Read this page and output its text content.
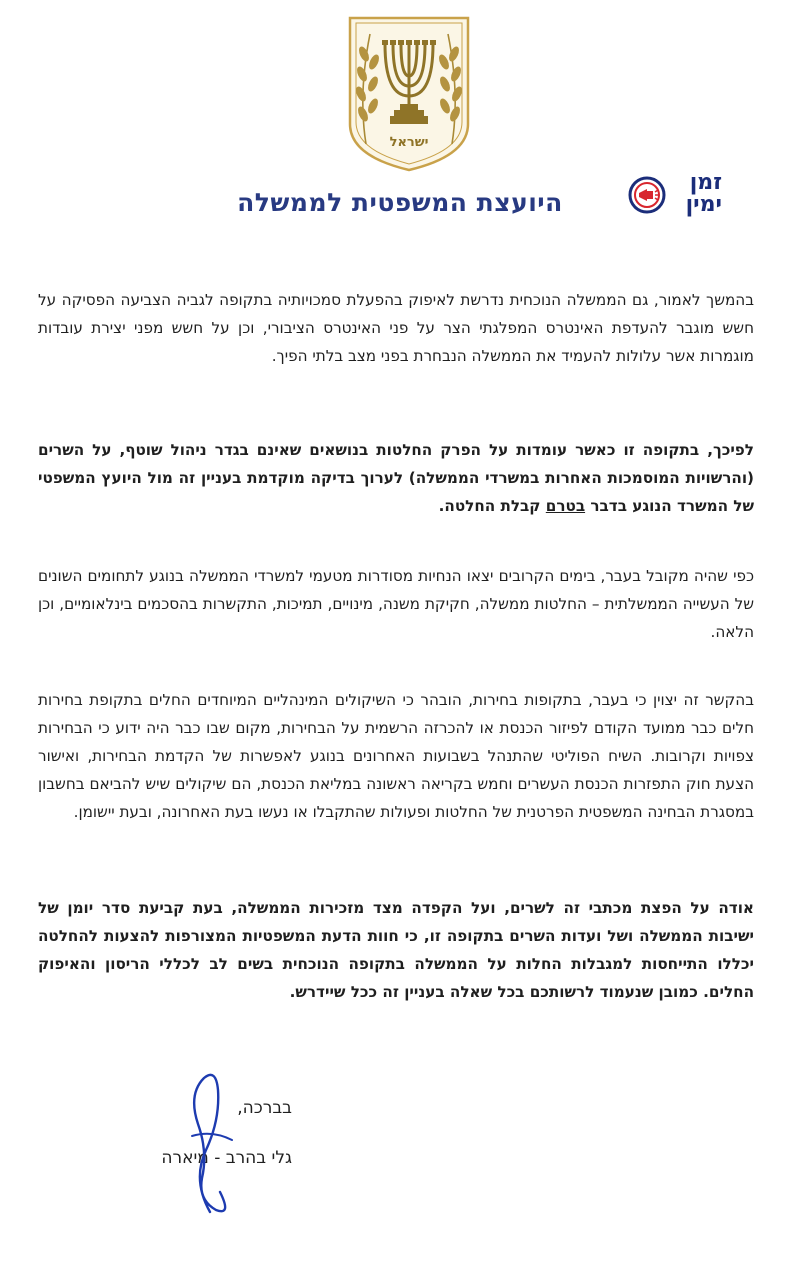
ישראל
זמן
ימין
היועצת המשפטית לממשלה

בהמשך לאמור, גם הממשלה הנוכחית נדרשת לאיפוק בהפעלת סמכויותיה בתקופה לגביה הצביעה הפסיקה על חשש מוגבר להעדפת האינטרס המפלגתי הצר על פני האינטרס הציבורי, וכן על חשש מפני יצירת עובדות מוגמרות אשר עלולות להעמיד את הממשלה הנבחרת בפני מצב בלתי הפיך.

לפיכך, בתקופה זו כאשר עומדות על הפרק החלטות בנושאים שאינם בגדר ניהול שוטף, על השרים (והרשויות המוסמכות האחרות במשרדי הממשלה) לערוך בדיקה מוקדמת בעניין זה מול היועץ המשפטי של המשרד הנוגע בדבר בטרם קבלת החלטה.

כפי שהיה מקובל בעבר, בימים הקרובים יצאו הנחיות מסודרות מטעמי למשרדי הממשלה בנוגע לתחומים השונים של העשייה הממשלתית – החלטות ממשלה, חקיקת משנה, מינויים, תמיכות, התקשרות בהסכמים בינלאומיים, וכן הלאה.

בהקשר זה יצוין כי בעבר, בתקופות בחירות, הובהר כי השיקולים המינהליים המיוחדים החלים בתקופת בחירות חלים כבר ממועד הקודם לפיזור הכנסת או להכרזה הרשמית על הבחירות, מקום שבו כבר היה ידוע כי הבחירות צפויות וקרובות. השיח הפוליטי שהתנהל בשבועות האחרונים בנוגע לאפשרות של הקדמת הבחירות, ואישור הצעת חוק התפזרות הכנסת העשרים וחמש בקריאה ראשונה במליאת הכנסת, הם שיקולים שיש להביאם בחשבון במסגרת הבחינה המשפטית הפרטנית של החלטות ופעולות שהתקבלו או נעשו בעת האחרונה, ובעת יישומן.

אודה על הפצת מכתבי זה לשרים, ועל הקפדה מצד מזכירות הממשלה, בעת קביעת סדר יומן של ישיבות הממשלה ושל ועדות השרים בתקופה זו, כי חוות הדעת המשפטיות המצורפות להצעות להחלטה יכללו התייחסות למגבלות החלות על הממשלה בתקופה הנוכחית בשים לב לכללי הריסון והאיפוק החלים. כמובן שנעמוד לרשותכם בכל שאלה בעניין זה ככל שיידרש.

בברכה,
גלי בהרב - מיארה
